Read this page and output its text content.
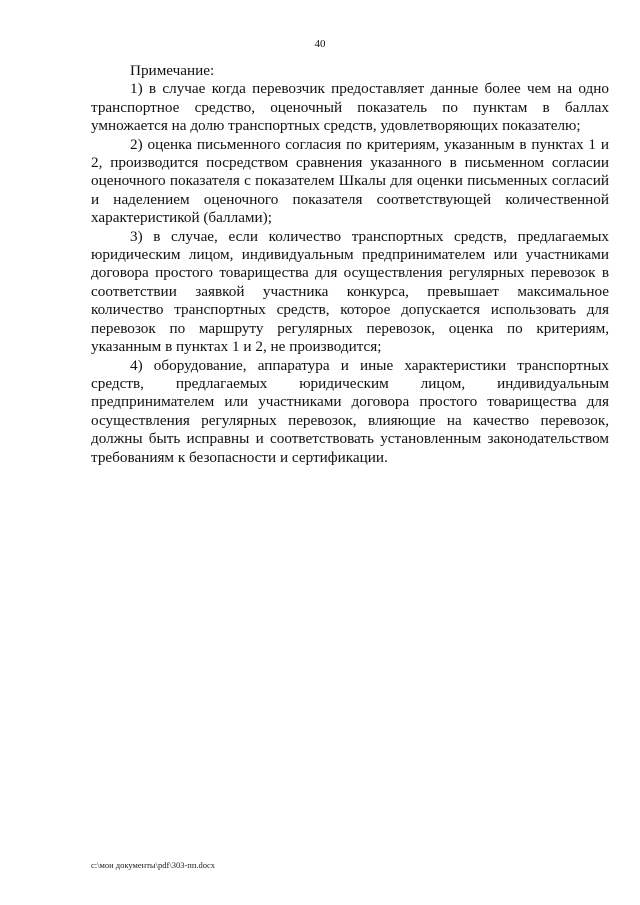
40

Примечание:

1) в случае когда перевозчик предоставляет данные более чем на одно транспортное средство, оценочный показатель по пунктам в баллах умножается на долю транспортных средств, удовлетворяющих показателю;

2) оценка письменного согласия по критериям, указанным в пунктах 1 и 2, производится посредством сравнения указанного в письменном согласии оценочного показателя с показателем Шкалы для оценки письменных согласий и наделением оценочного показателя соответствующей количественной характеристикой (баллами);

3) в случае, если количество транспортных средств, предлагаемых юридическим лицом, индивидуальным предпринимателем или участниками договора простого товарищества для осуществления регулярных перевозок в соответствии заявкой участника конкурса, превышает максимальное количество транспортных средств, которое допускается использовать для перевозок по маршруту регулярных перевозок, оценка по критериям, указанным в пунктах 1 и 2, не производится;

4) оборудование, аппаратура и иные характеристики транспортных средств, предлагаемых юридическим лицом, индивидуальным предпринимателем или участниками договора простого товарищества для осуществления регулярных перевозок, влияющие на качество перевозок, должны быть исправны и соответствовать установленным законодательством требованиям к безопасности и сертификации.

c:\мои документы\pdf\303-пп.docx
